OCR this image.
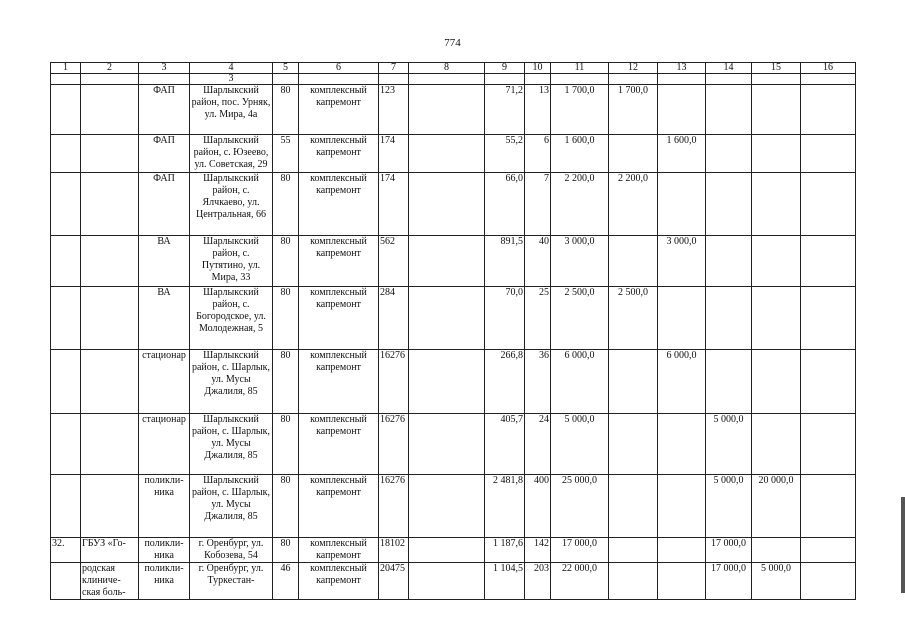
774
1	2	3	4	5	6	7	8	9	10	11	12	13	14	15	16
			3												
		ФАП	Шарлыкский район, пос. Урняк, ул. Мира, 4а	80	комплексный капремонт	123		71,2	13	1 700,0	1 700,0				
		ФАП	Шарлыкский район, с. Юзеево, ул. Советская, 29	55	комплексный капремонт	174		55,2	6	1 600,0		1 600,0			
		ФАП	Шарлыкский район, с. Ялчкаево, ул. Центральная, 66	80	комплексный капремонт	174		66,0	7	2 200,0	2 200,0				
		ВА	Шарлыкский район, с. Путятино, ул. Мира, 33	80	комплексный капремонт	562		891,5	40	3 000,0		3 000,0			
		ВА	Шарлыкский район, с. Богородское, ул. Молодежная, 5	80	комплексный капремонт	284		70,0	25	2 500,0	2 500,0				
		стационар	Шарлыкский район, с. Шарлык, ул. Мусы Джалиля, 85	80	комплексный капремонт	16276		266,8	36	6 000,0		6 000,0			
		стационар	Шарлыкский район, с. Шарлык, ул. Мусы Джалиля, 85	80	комплексный капремонт	16276		405,7	24	5 000,0			5 000,0		
		поликли-ника	Шарлыкский район, с. Шарлык, ул. Мусы Джалиля, 85	80	комплексный капремонт	16276		2 481,8	400	25 000,0			5 000,0	20 000,0	
32.	ГБУЗ «Го-	поликли-ника	г. Оренбург, ул. Кобозева, 54	80	комплексный капремонт	18102		1 187,6	142	17 000,0			17 000,0		
	родская клиниче-ская боль-	поликли-ника	г. Оренбург, ул. Туркестан-	46	комплексный капремонт	20475		1 104,5	203	22 000,0			17 000,0	5 000,0	
